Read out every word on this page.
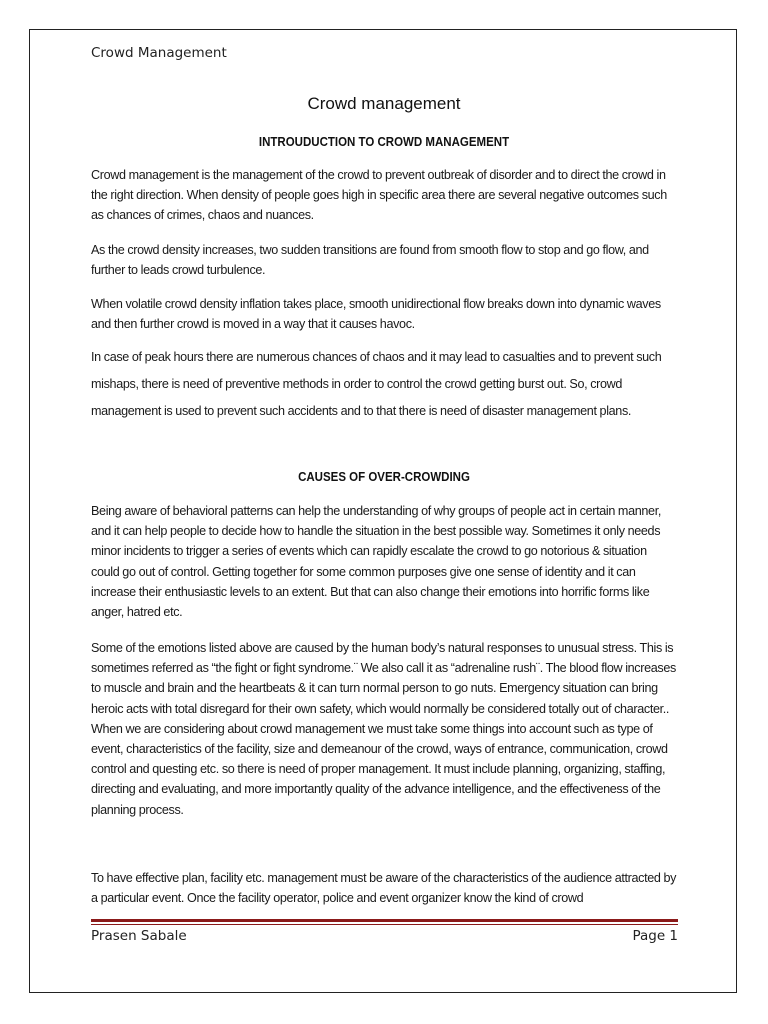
Crowd Management
Crowd management
INTROUDUCTION TO CROWD MANAGEMENT

Crowd management is the management of the crowd to prevent outbreak of disorder and to direct the crowd in the right direction. When density of people goes high in specific area there are several negative outcomes such as chances of crimes, chaos and nuances.

As the crowd density increases, two sudden transitions are found from smooth flow to stop and go flow, and further to leads crowd turbulence.

When volatile crowd density inflation takes place, smooth unidirectional flow breaks down into dynamic waves and then further crowd is moved in a way that it causes havoc.

In case of peak hours there are numerous chances of chaos and it may lead to casualties and to prevent such mishaps, there is need of preventive methods in order to control the crowd getting burst out. So, crowd management is used to prevent such accidents and to that there is need of disaster management plans.

CAUSES OF OVER-CROWDING

Being aware of behavioral patterns can help the understanding of why groups of people act in certain manner, and it can help people to decide how to handle the situation in the best possible way. Sometimes it only needs minor incidents to trigger a series of events which can rapidly escalate the crowd to go notorious & situation could go out of control. Getting together for some common purposes give one sense of identity and it can increase their enthusiastic levels to an extent. But that can also change their emotions into horrific forms like anger, hatred etc.

Some of the emotions listed above are caused by the human body’s natural responses to unusual stress. This is sometimes referred as “the fight or fight syndrome.¨ We also call it as “adrenaline rush¨. The blood flow increases to muscle and brain and the heartbeats & it can turn normal person to go nuts. Emergency situation can bring heroic acts with total disregard for their own safety, which would normally be considered totally out of character.. When we are considering about crowd management we must take some things into account such as type of event, characteristics of the facility, size and demeanour of the crowd, ways of entrance, communication, crowd control and questing etc. so there is need of proper management. It must include planning, organizing, staffing, directing and evaluating, and more importantly quality of the advance intelligence, and the effectiveness of the planning process.

To have effective plan, facility etc. management must be aware of the characteristics of the audience attracted by a particular event. Once the facility operator, police and event organizer know the kind of crowd

Prasen Sabale	Page 1
